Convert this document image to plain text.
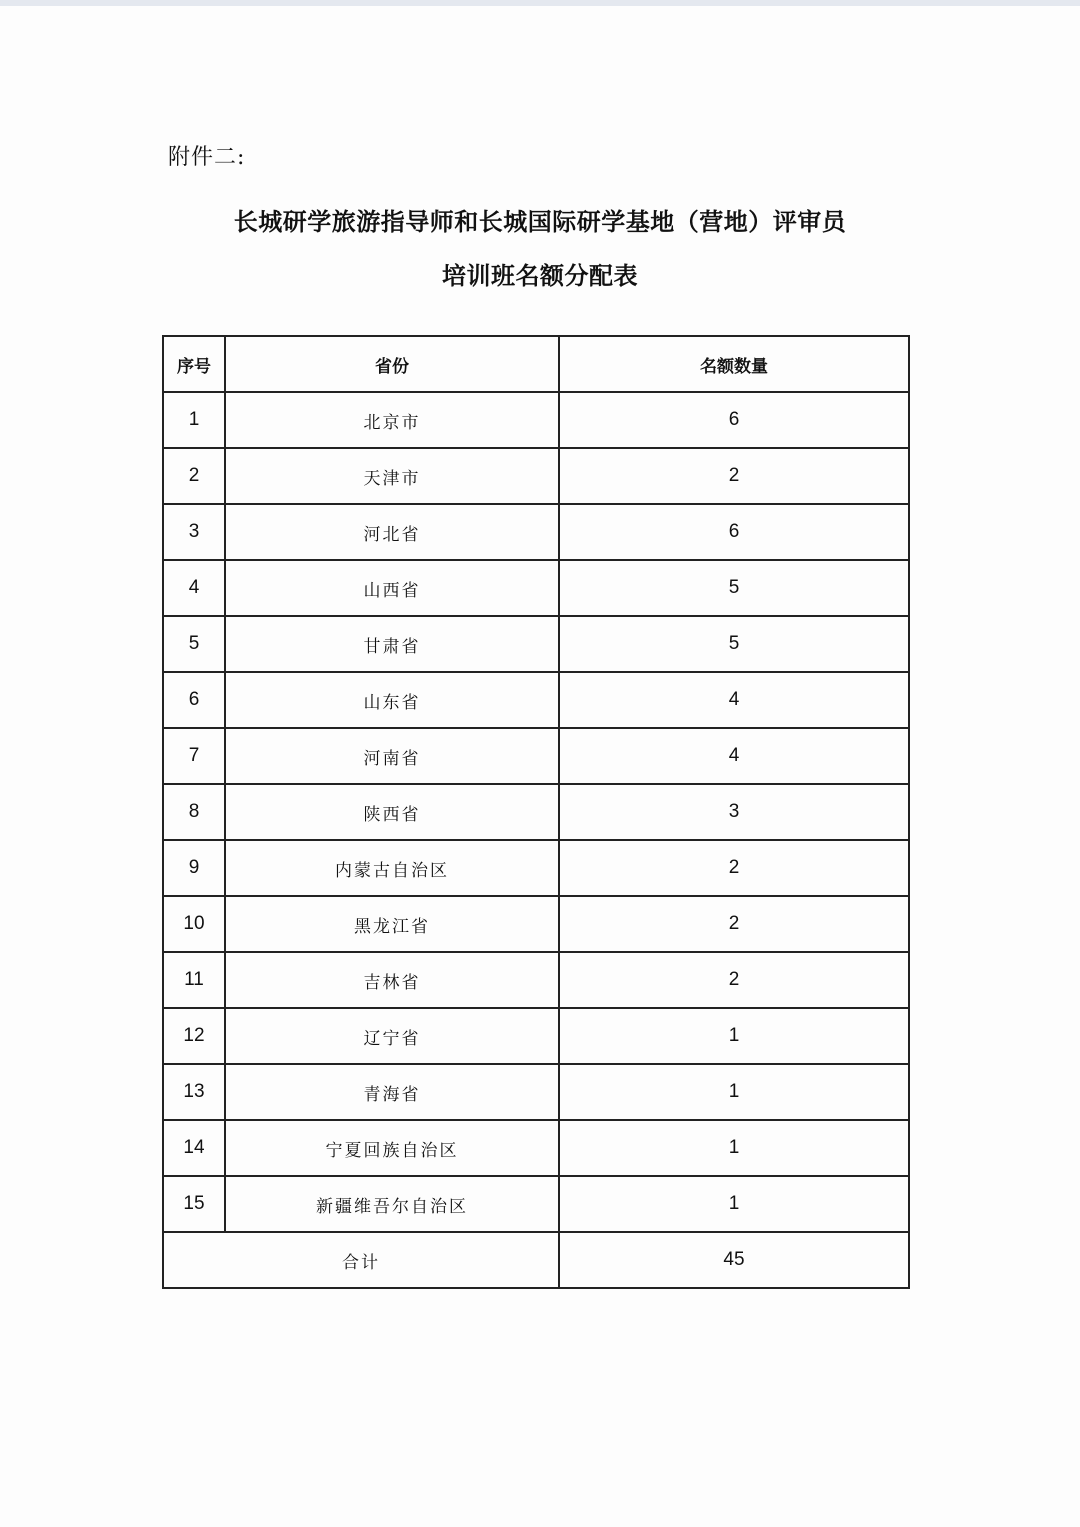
附件二:
长城研学旅游指导师和长城国际研学基地（营地）评审员
培训班名额分配表
序号	省份	名额数量
1	北京市	6
2	天津市	2
3	河北省	6
4	山西省	5
5	甘肃省	5
6	山东省	4
7	河南省	4
8	陕西省	3
9	内蒙古自治区	2
10	黑龙江省	2
11	吉林省	2
12	辽宁省	1
13	青海省	1
14	宁夏回族自治区	1
15	新疆维吾尔自治区	1
合计		45
